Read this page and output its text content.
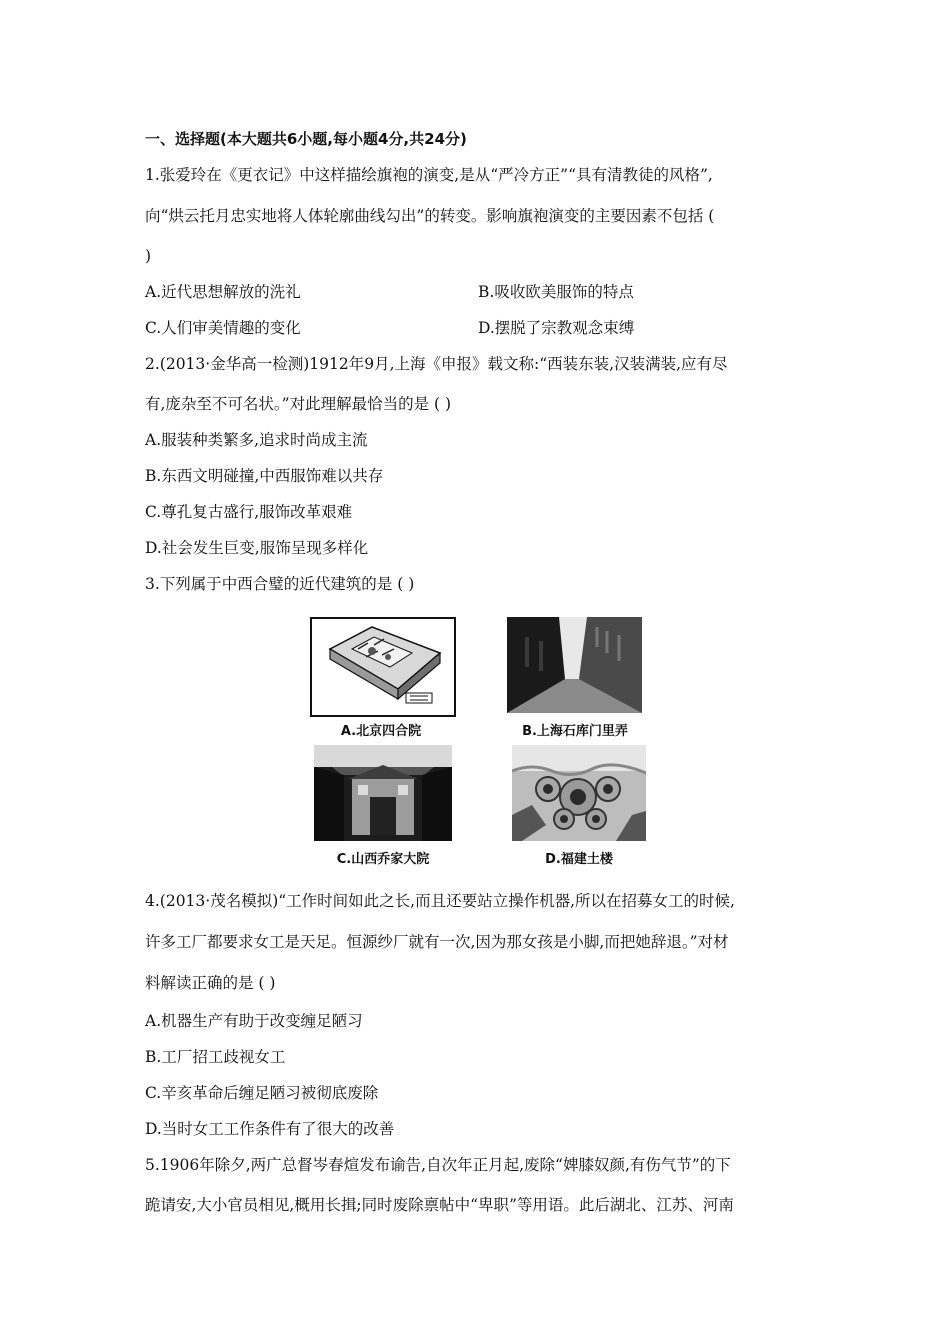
一、选择题(本大题共6小题,每小题4分,共24分)
1.张爱玲在《更衣记》中这样描绘旗袍的演变,是从“严冷方正”“具有清教徒的风格”,
向“烘云托月忠实地将人体轮廓曲线勾出”的转变。影响旗袍演变的主要因素不包括 (
)
A.近代思想解放的洗礼	B.吸收欧美服饰的特点
C.人们审美情趣的变化	D.摆脱了宗教观念束缚
2.(2013·金华高一检测)1912年9月,上海《申报》载文称:“西装东装,汉装满装,应有尽
有,庞杂至不可名状。”对此理解最恰当的是 ( )
A.服装种类繁多,追求时尚成主流
B.东西文明碰撞,中西服饰难以共存
C.尊孔复古盛行,服饰改革艰难
D.社会发生巨变,服饰呈现多样化
3.下列属于中西合璧的近代建筑的是 ( )
A.北京四合院	B.上海石库门里弄
C.山西乔家大院	D.福建土楼
4.(2013·茂名模拟)“工作时间如此之长,而且还要站立操作机器,所以在招募女工的时候,
许多工厂都要求女工是天足。恒源纱厂就有一次,因为那女孩是小脚,而把她辞退。”对材
料解读正确的是 ( )
A.机器生产有助于改变缠足陋习
B.工厂招工歧视女工
C.辛亥革命后缠足陋习被彻底废除
D.当时女工工作条件有了很大的改善
5.1906年除夕,两广总督岑春煊发布谕告,自次年正月起,废除“婢膝奴颜,有伤气节”的下
跪请安,大小官员相见,概用长揖;同时废除禀帖中“卑职”等用语。此后湖北、江苏、河南
